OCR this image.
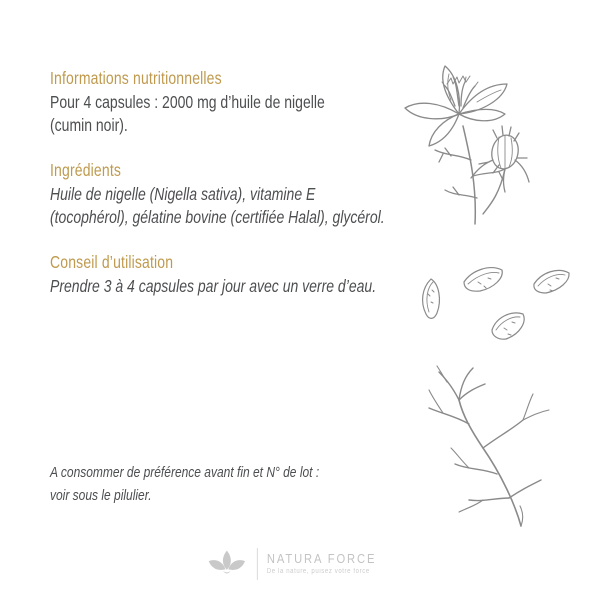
Informations nutritionnelles

Pour 4 capsules : 2000 mg d’huile de nigelle

(cumin noir).

Ingrédients

Huile de nigelle (Nigella sativa), vitamine E

(tocophérol), gélatine bovine (certifiée Halal), glycérol.

Conseil d’utilisation

Prendre 3 à 4 capsules par jour avec un verre d’eau.

A consommer de préférence avant fin et N° de lot :

voir sous le pilulier.

NATURA FORCE
De la nature, puisez votre force
